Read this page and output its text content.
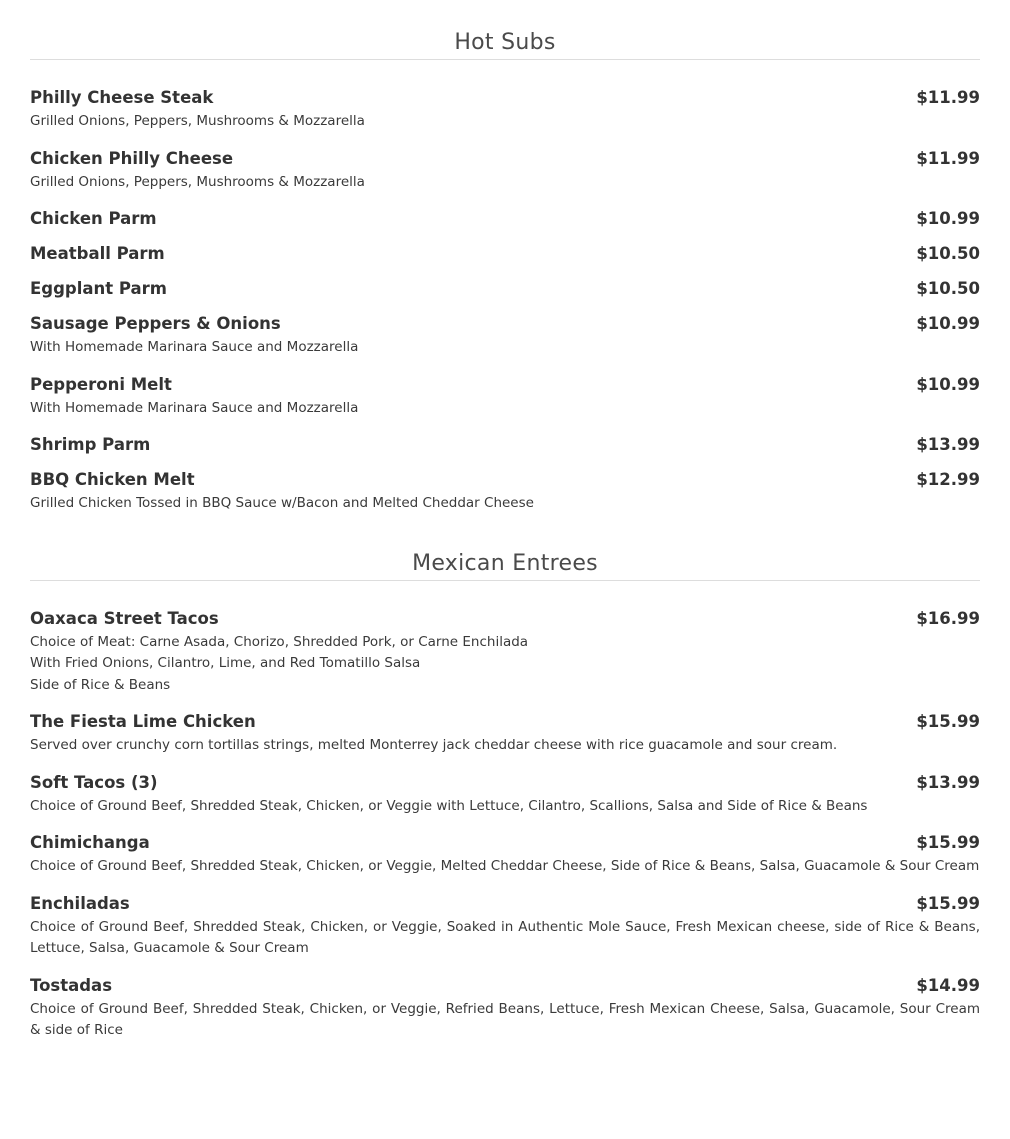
Hot Subs
Philly Cheese Steak	$11.99
Grilled Onions, Peppers, Mushrooms & Mozzarella
Chicken Philly Cheese	$11.99
Grilled Onions, Peppers, Mushrooms & Mozzarella
Chicken Parm	$10.99
Meatball Parm	$10.50
Eggplant Parm	$10.50
Sausage Peppers & Onions	$10.99
With Homemade Marinara Sauce and Mozzarella
Pepperoni Melt	$10.99
With Homemade Marinara Sauce and Mozzarella
Shrimp Parm	$13.99
BBQ Chicken Melt	$12.99
Grilled Chicken Tossed in BBQ Sauce w/Bacon and Melted Cheddar Cheese
Mexican Entrees
Oaxaca Street Tacos	$16.99
Choice of Meat: Carne Asada, Chorizo, Shredded Pork, or Carne Enchilada
With Fried Onions, Cilantro, Lime, and Red Tomatillo Salsa
Side of Rice & Beans
The Fiesta Lime Chicken	$15.99
Served over crunchy corn tortillas strings, melted Monterrey jack cheddar cheese with rice guacamole and sour cream.
Soft Tacos (3)	$13.99
Choice of Ground Beef, Shredded Steak, Chicken, or Veggie with Lettuce, Cilantro, Scallions, Salsa and Side of Rice & Beans
Chimichanga	$15.99
Choice of Ground Beef, Shredded Steak, Chicken, or Veggie, Melted Cheddar Cheese, Side of Rice & Beans, Salsa, Guacamole & Sour Cream
Enchiladas	$15.99
Choice of Ground Beef, Shredded Steak, Chicken, or Veggie, Soaked in Authentic Mole Sauce, Fresh Mexican cheese, side of Rice & Beans, Lettuce, Salsa, Guacamole & Sour Cream
Tostadas	$14.99
Choice of Ground Beef, Shredded Steak, Chicken, or Veggie, Refried Beans, Lettuce, Fresh Mexican Cheese, Salsa, Guacamole, Sour Cream & side of Rice
